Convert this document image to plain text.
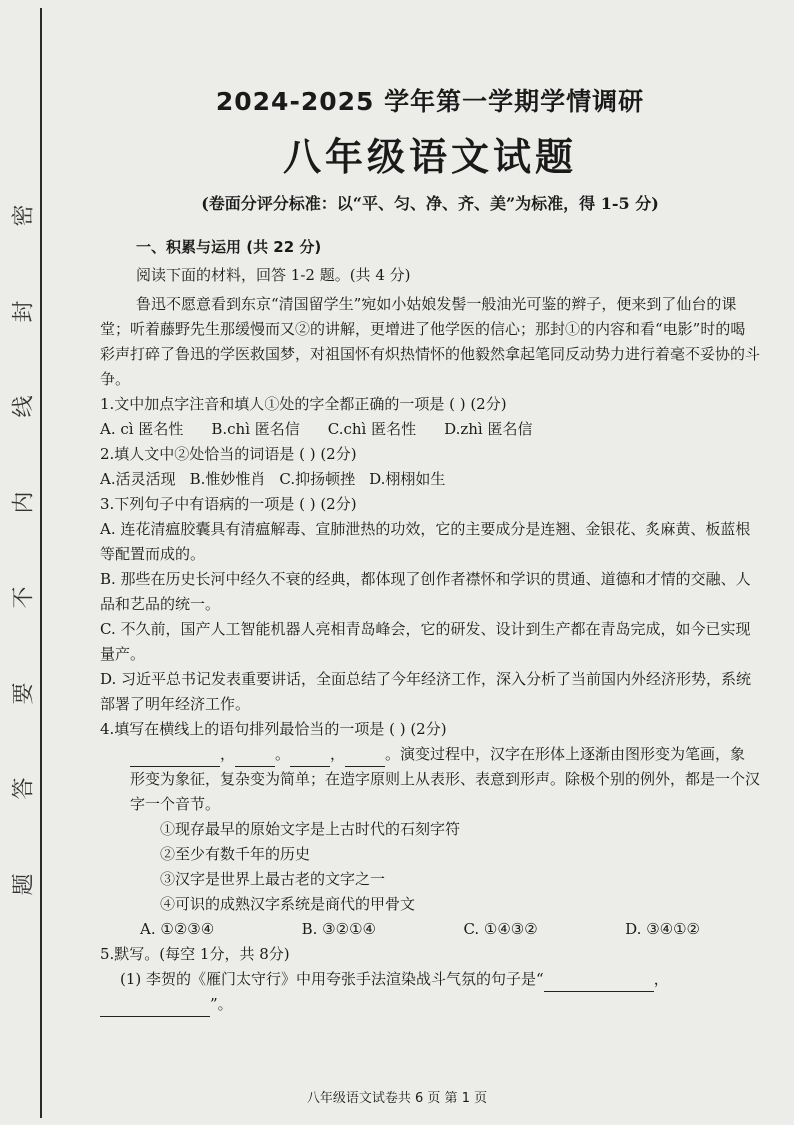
题
答
要
不
内
线
封
密
2024-2025 学年第一学期学情调研
八年级语文试题
(卷面分评分标准：以“平、匀、净、齐、美”为标准，得 1-5 分)
一、积累与运用 (共 22 分)

阅读下面的材料，回答 1-2 题。(共 4 分)

鲁迅不愿意看到东京“清国留学生”宛如小姑娘发髻一般油光可鉴的辫子，便来到了仙台的课堂；听着藤野先生那缓慢而又②的讲解，更增进了他学医的信心；那封①的内容和看“电影”时的喝彩声打碎了鲁迅的学医救国梦，对祖国怀有炽热情怀的他毅然拿起笔同反动势力进行着毫不妥协的斗争。

1.文中加点字注音和填人①处的字全都正确的一项是 ( ) (2分)

A. cì 匿名性 B.chì 匿名信 C.chì 匿名性 D.zhì 匿名信

2.填人文中②处恰当的词语是 ( ) (2分)

A.活灵活现 B.惟妙惟肖 C.抑扬顿挫 D.栩栩如生

3.下列句子中有语病的一项是 ( ) (2分)

A. 连花清瘟胶囊具有清瘟解毒、宣肺泄热的功效，它的主要成分是连翘、金银花、炙麻黄、板蓝根等配置而成的。

B. 那些在历史长河中经久不衰的经典，都体现了创作者襟怀和学识的贯通、道德和才情的交融、人品和艺品的统一。

C. 不久前，国产人工智能机器人亮相青岛峰会，它的研发、设计到生产都在青岛完成，如今已实现量产。

D. 习近平总书记发表重要讲话，全面总结了今年经济工作，深入分析了当前国内外经济形势，系统部署了明年经济工作。

4.填写在横线上的语句排列最恰当的一项是 ( ) (2分)

，	。	，	。演变过程中，汉字在形体上逐渐由图形变为笔画，象形变为象征，复杂变为简单；在造字原则上从表形、表意到形声。除极个别的例外，都是一个汉字一个音节。

①现存最早的原始文字是上古时代的石刻字符

②至少有数千年的历史

③汉字是世界上最古老的文字之一

④可识的成熟汉字系统是商代的甲骨文

A. ①②③④	B. ③②①④	C. ①④③②	D. ③④①②

5.默写。(每空 1分，共 8分)

(1) 李贺的《雁门太守行》中用夸张手法渲染战斗气氛的句子是“	，

”。

八年级语文试卷共 6 页 第 1 页
